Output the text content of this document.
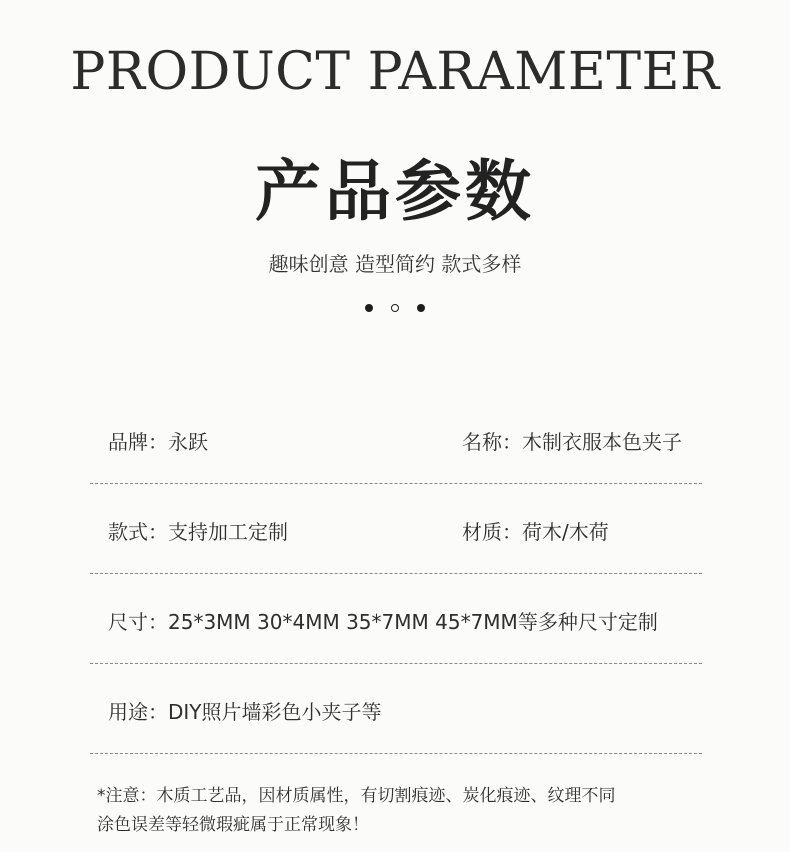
PRODUCT PARAMETER
产品参数
趣味创意 造型简约 款式多样
品牌：永跃	名称：木制衣服本色夹子
款式：支持加工定制	材质：荷木/木荷
尺寸：25*3MM 30*4MM 35*7MM 45*7MM等多种尺寸定制
用途：DIY照片墙彩色小夹子等
*注意：木质工艺品，因材质属性，有切割痕迹、炭化痕迹、纹理不同
涂色误差等轻微瑕疵属于正常现象！
